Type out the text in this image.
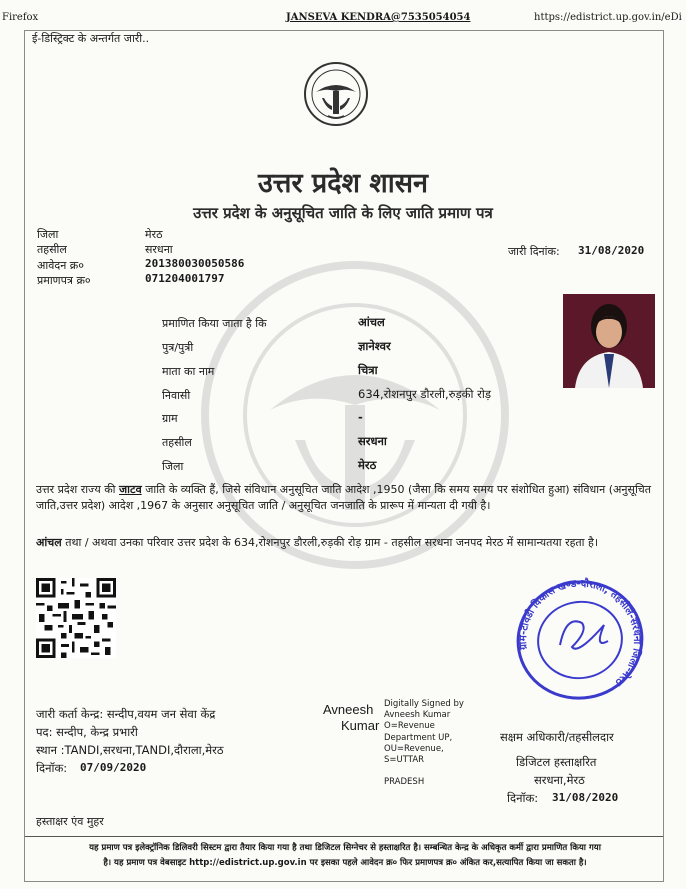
Firefox	JANSEVA KENDRA@7535054054	https://edistrict.up.gov.in/eDi
ई-डिस्ट्रिक्ट के अन्तर्गत जारी..
उत्तर प्रदेश शासन
उत्तर प्रदेश के अनुसूचित जाति के लिए जाति प्रमाण पत्र
जिला	मेरठ
तहसील	सरधना
आवेदन क्र०	201380030050586
प्रमाणपत्र क्र०	071204001797
जारी दिनांक: 31/08/2020
प्रमाणित किया जाता है कि	आंचल
पुत्र/पुत्री	ज्ञानेश्वर
माता का नाम	चित्रा
निवासी	634,रोशनपुर डौरली,रुड़की रोड़
ग्राम	-
तहसील	सरधना
जिला	मेरठ
उत्तर प्रदेश राज्य की जाटव जाति के व्यक्ति हैं, जिसे संविधान अनुसूचित जाति आदेश ,1950 (जैसा कि समय समय पर संशोधित हुआ) संविधान (अनुसूचित जाति,उत्तर प्रदेश) आदेश ,1967 के अनुसार अनुसूचित जाति / अनुसूचित जनजाति के प्रारूप में मान्यता दी गयी है।
आंचल तथा / अथवा उनका परिवार उत्तर प्रदेश के 634,रोशनपुर डौरली,रुड़की रोड़ ग्राम - तहसील सरधना जनपद मेरठ में सामान्यतया रहता है।
ग्राम-टावडी विकास खण्ड-दौराला, तहसील-सरधना जिला-मेरठ
जारी कर्ता केन्द्र: सन्दीप,वयम जन सेवा केंद्र
पद: सन्दीप, केन्द्र प्रभारी
स्थान :TANDI,सरधना,TANDI,दौराला,मेरठ
दिनॉक: 07/09/2020
Avneesh
Kumar
Digitally Signed by
Avneesh Kumar
O=Revenue
Department UP,
OU=Revenue,
S=UTTAR
PRADESH
सक्षम अधिकारी/तहसीलदार
डिजिटल हस्ताक्षरित
सरधना,मेरठ
दिनॉक: 31/08/2020
हस्ताक्षर एंव मुहर
यह प्रमाण पत्र इलेक्ट्रॉनिक डिलिवरी सिस्टम द्वारा तैयार किया गया है तथा डिजिटल सिग्नेचर से हस्ताक्षरित है। सम्बन्धित केन्द्र के अधिकृत कर्मी द्वारा प्रमाणित किया गया
है। यह प्रमाण पत्र वेबसाइट http://edistrict.up.gov.in पर इसका पहले आवेदन क्र० फिर प्रमाणपत्र क्र० अंकित कर,सत्यापित किया जा सकता है।
